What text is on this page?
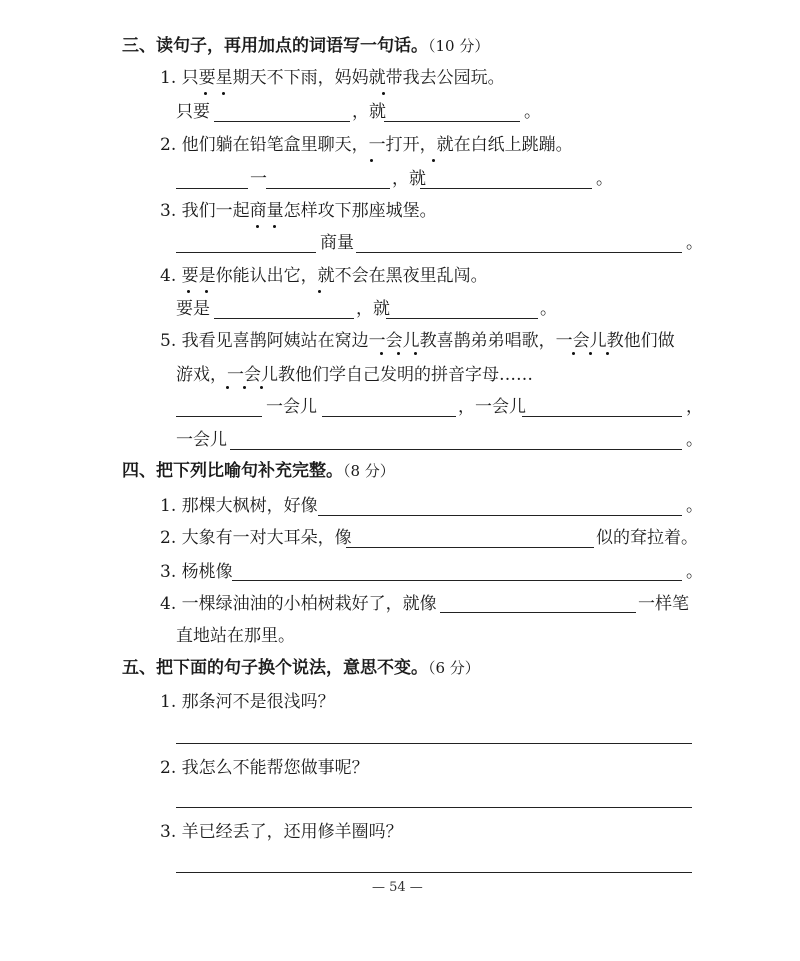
三、读句子，再用加点的词语写一句话。（10 分）
1. 只要星期天不下雨，妈妈就带我去公园玩。
只要	，就	。
2. 他们躺在铅笔盒里聊天，一打开，就在白纸上跳蹦。
一	，就	。
3. 我们一起商量怎样攻下那座城堡。
商量	。
4. 要是你能认出它，就不会在黑夜里乱闯。
要是	，就	。
5. 我看见喜鹊阿姨站在窝边一会儿教喜鹊弟弟唱歌，一会儿教他们做
游戏，一会儿教他们学自己发明的拼音字母……
一会儿	，一会儿	，
一会儿	。
四、把下列比喻句补充完整。（8 分）
1. 那棵大枫树，好像	。
2. 大象有一对大耳朵，像	似的耷拉着。
3. 杨桃像	。
4. 一棵绿油油的小柏树栽好了，就像	一样笔
直地站在那里。
五、把下面的句子换个说法，意思不变。（6 分）
1. 那条河不是很浅吗？
2. 我怎么不能帮您做事呢？
3. 羊已经丢了，还用修羊圈吗？
— 54 —
